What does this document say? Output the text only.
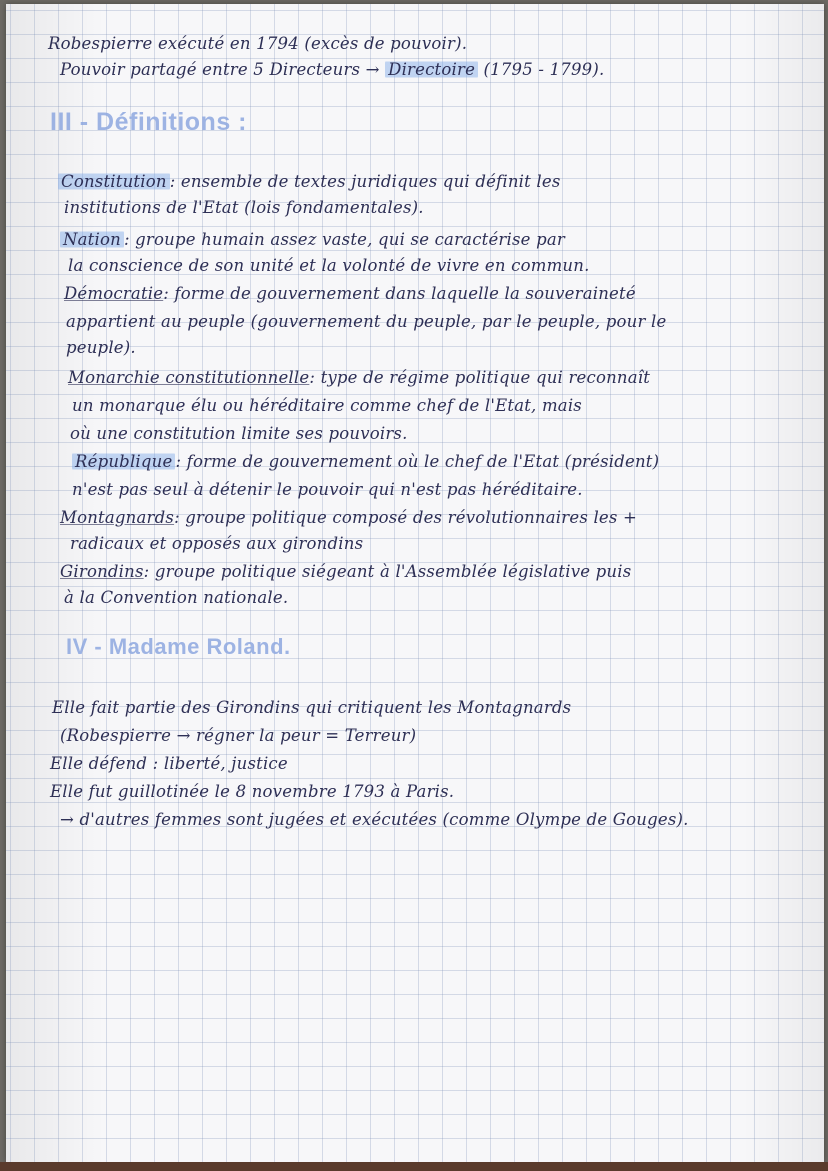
Robespierre exécuté en 1794 (excès de pouvoir).
Pouvoir partagé entre 5 Directeurs → Directoire (1795 - 1799).
III - Définitions :
Constitution : ensemble de textes juridiques qui définit les
institutions de l'Etat (lois fondamentales).
Nation : groupe humain assez vaste, qui se caractérise par
la conscience de son unité et la volonté de vivre en commun.
Démocratie: forme de gouvernement dans laquelle la souveraineté
appartient au peuple (gouvernement du peuple, par le peuple, pour le
peuple).
Monarchie constitutionnelle: type de régime politique qui reconnaît
un monarque élu ou héréditaire comme chef de l'Etat, mais
où une constitution limite ses pouvoirs.
République : forme de gouvernement où le chef de l'Etat (président)
n'est pas seul à détenir le pouvoir qui n'est pas héréditaire.
Montagnards: groupe politique composé des révolutionnaires les +
radicaux et opposés aux girondins
Girondins: groupe politique siégeant à l'Assemblée législative puis
à la Convention nationale.
IV - Madame Roland.
Elle fait partie des Girondins qui critiquent les Montagnards
(Robespierre → régner la peur = Terreur)
Elle défend : liberté, justice
Elle fut guillotinée le 8 novembre 1793 à Paris.
→ d'autres femmes sont jugées et exécutées (comme Olympe de Gouges).
